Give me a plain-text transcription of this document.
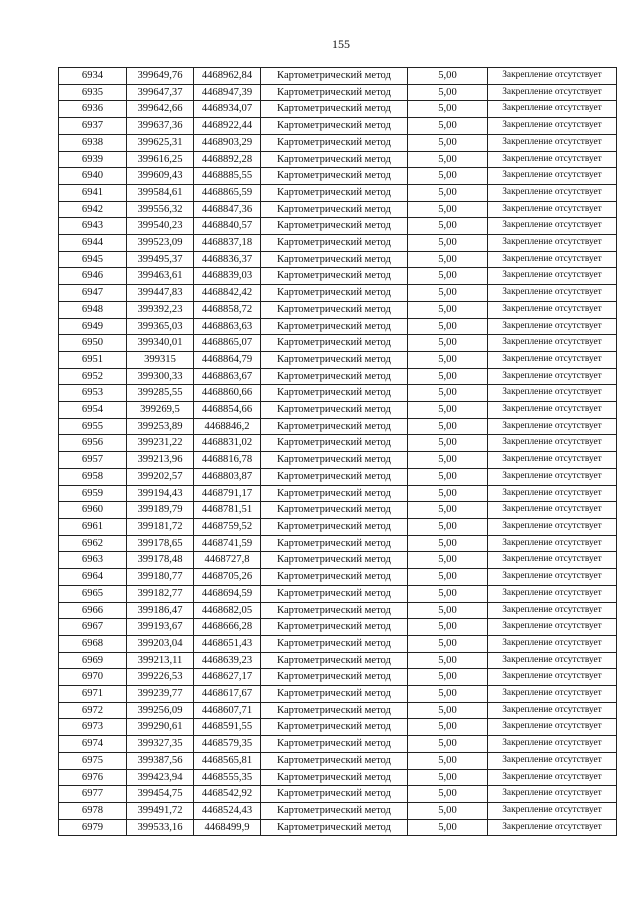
155
6934	399649,76	4468962,84	Картометрический метод	5,00	Закрепление отсутствует
6935	399647,37	4468947,39	Картометрический метод	5,00	Закрепление отсутствует
6936	399642,66	4468934,07	Картометрический метод	5,00	Закрепление отсутствует
6937	399637,36	4468922,44	Картометрический метод	5,00	Закрепление отсутствует
6938	399625,31	4468903,29	Картометрический метод	5,00	Закрепление отсутствует
6939	399616,25	4468892,28	Картометрический метод	5,00	Закрепление отсутствует
6940	399609,43	4468885,55	Картометрический метод	5,00	Закрепление отсутствует
6941	399584,61	4468865,59	Картометрический метод	5,00	Закрепление отсутствует
6942	399556,32	4468847,36	Картометрический метод	5,00	Закрепление отсутствует
6943	399540,23	4468840,57	Картометрический метод	5,00	Закрепление отсутствует
6944	399523,09	4468837,18	Картометрический метод	5,00	Закрепление отсутствует
6945	399495,37	4468836,37	Картометрический метод	5,00	Закрепление отсутствует
6946	399463,61	4468839,03	Картометрический метод	5,00	Закрепление отсутствует
6947	399447,83	4468842,42	Картометрический метод	5,00	Закрепление отсутствует
6948	399392,23	4468858,72	Картометрический метод	5,00	Закрепление отсутствует
6949	399365,03	4468863,63	Картометрический метод	5,00	Закрепление отсутствует
6950	399340,01	4468865,07	Картометрический метод	5,00	Закрепление отсутствует
6951	399315	4468864,79	Картометрический метод	5,00	Закрепление отсутствует
6952	399300,33	4468863,67	Картометрический метод	5,00	Закрепление отсутствует
6953	399285,55	4468860,66	Картометрический метод	5,00	Закрепление отсутствует
6954	399269,5	4468854,66	Картометрический метод	5,00	Закрепление отсутствует
6955	399253,89	4468846,2	Картометрический метод	5,00	Закрепление отсутствует
6956	399231,22	4468831,02	Картометрический метод	5,00	Закрепление отсутствует
6957	399213,96	4468816,78	Картометрический метод	5,00	Закрепление отсутствует
6958	399202,57	4468803,87	Картометрический метод	5,00	Закрепление отсутствует
6959	399194,43	4468791,17	Картометрический метод	5,00	Закрепление отсутствует
6960	399189,79	4468781,51	Картометрический метод	5,00	Закрепление отсутствует
6961	399181,72	4468759,52	Картометрический метод	5,00	Закрепление отсутствует
6962	399178,65	4468741,59	Картометрический метод	5,00	Закрепление отсутствует
6963	399178,48	4468727,8	Картометрический метод	5,00	Закрепление отсутствует
6964	399180,77	4468705,26	Картометрический метод	5,00	Закрепление отсутствует
6965	399182,77	4468694,59	Картометрический метод	5,00	Закрепление отсутствует
6966	399186,47	4468682,05	Картометрический метод	5,00	Закрепление отсутствует
6967	399193,67	4468666,28	Картометрический метод	5,00	Закрепление отсутствует
6968	399203,04	4468651,43	Картометрический метод	5,00	Закрепление отсутствует
6969	399213,11	4468639,23	Картометрический метод	5,00	Закрепление отсутствует
6970	399226,53	4468627,17	Картометрический метод	5,00	Закрепление отсутствует
6971	399239,77	4468617,67	Картометрический метод	5,00	Закрепление отсутствует
6972	399256,09	4468607,71	Картометрический метод	5,00	Закрепление отсутствует
6973	399290,61	4468591,55	Картометрический метод	5,00	Закрепление отсутствует
6974	399327,35	4468579,35	Картометрический метод	5,00	Закрепление отсутствует
6975	399387,56	4468565,81	Картометрический метод	5,00	Закрепление отсутствует
6976	399423,94	4468555,35	Картометрический метод	5,00	Закрепление отсутствует
6977	399454,75	4468542,92	Картометрический метод	5,00	Закрепление отсутствует
6978	399491,72	4468524,43	Картометрический метод	5,00	Закрепление отсутствует
6979	399533,16	4468499,9	Картометрический метод	5,00	Закрепление отсутствует
